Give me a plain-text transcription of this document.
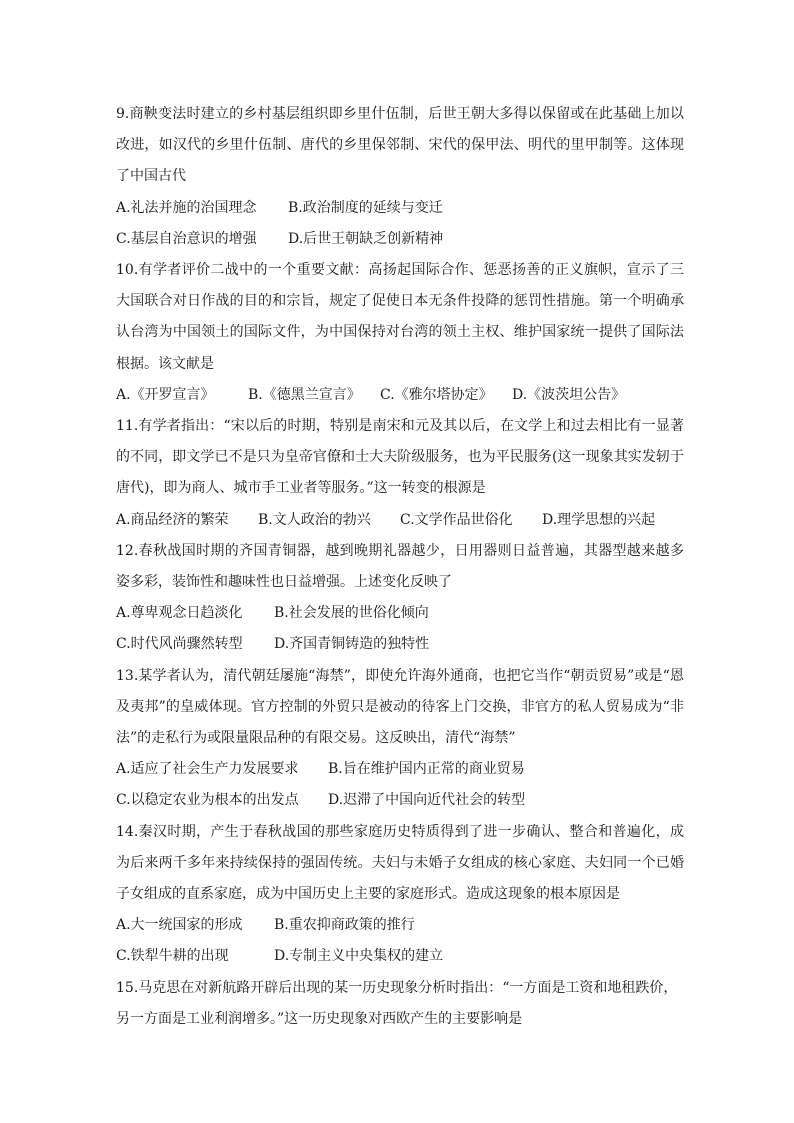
9.商鞅变法时建立的乡村基层组织即乡里什伍制，后世王朝大多得以保留或在此基础上加以改进，如汉代的乡里什伍制、唐代的乡里保邻制、宋代的保甲法、明代的里甲制等。这体现了中国古代
A.礼法并施的治国理念	B.政治制度的延续与变迁
C.基层自治意识的增强	D.后世王朝缺乏创新精神
10.有学者评价二战中的一个重要文献：高扬起国际合作、惩恶扬善的正义旗帜，宣示了三大国联合对日作战的目的和宗旨，规定了促使日本无条件投降的惩罚性措施。第一个明确承认台湾为中国领土的国际文件，为中国保持对台湾的领土主权、维护国家统一提供了国际法根据。该文献是
A.《开罗宣言》	B.《德黑兰宣言》	C.《雅尔塔协定》	D.《波茨坦公告》
11.有学者指出：“宋以后的时期，特别是南宋和元及其以后，在文学上和过去相比有一显著的不同，即文学已不是只为皇帝官僚和士大夫阶级服务，也为平民服务(这一现象其实发轫于唐代)，即为商人、城市手工业者等服务。”这一转变的根源是
A.商品经济的繁荣	B.文人政治的勃兴	C.文学作品世俗化	D.理学思想的兴起
12.春秋战国时期的齐国青铜器，越到晚期礼器越少，日用器则日益普遍，其器型越来越多姿多彩，装饰性和趣味性也日益增强。上述变化反映了
A.尊卑观念日趋淡化	B.社会发展的世俗化倾向
C.时代风尚骤然转型	D.齐国青铜铸造的独特性
13.某学者认为，清代朝廷屡施“海禁”，即使允许海外通商，也把它当作“朝贡贸易”或是“恩及夷邦”的皇威体现。官方控制的外贸只是被动的待客上门交换，非官方的私人贸易成为“非法”的走私行为或限量限品种的有限交易。这反映出，清代“海禁”
A.适应了社会生产力发展要求	B.旨在维护国内正常的商业贸易
C.以稳定农业为根本的出发点	D.迟滞了中国向近代社会的转型
14.秦汉时期，产生于春秋战国的那些家庭历史特质得到了进一步确认、整合和普遍化，成为后来两千多年来持续保持的强固传统。夫妇与未婚子女组成的核心家庭、夫妇同一个已婚子女组成的直系家庭，成为中国历史上主要的家庭形式。造成这现象的根本原因是
A.大一统国家的形成	B.重农抑商政策的推行
C.铁犁牛耕的出现	D.专制主义中央集权的建立
15.马克思在对新航路开辟后出现的某一历史现象分析时指出：“一方面是工资和地租跌价，
另一方面是工业利润增多。”这一历史现象对西欧产生的主要影响是
